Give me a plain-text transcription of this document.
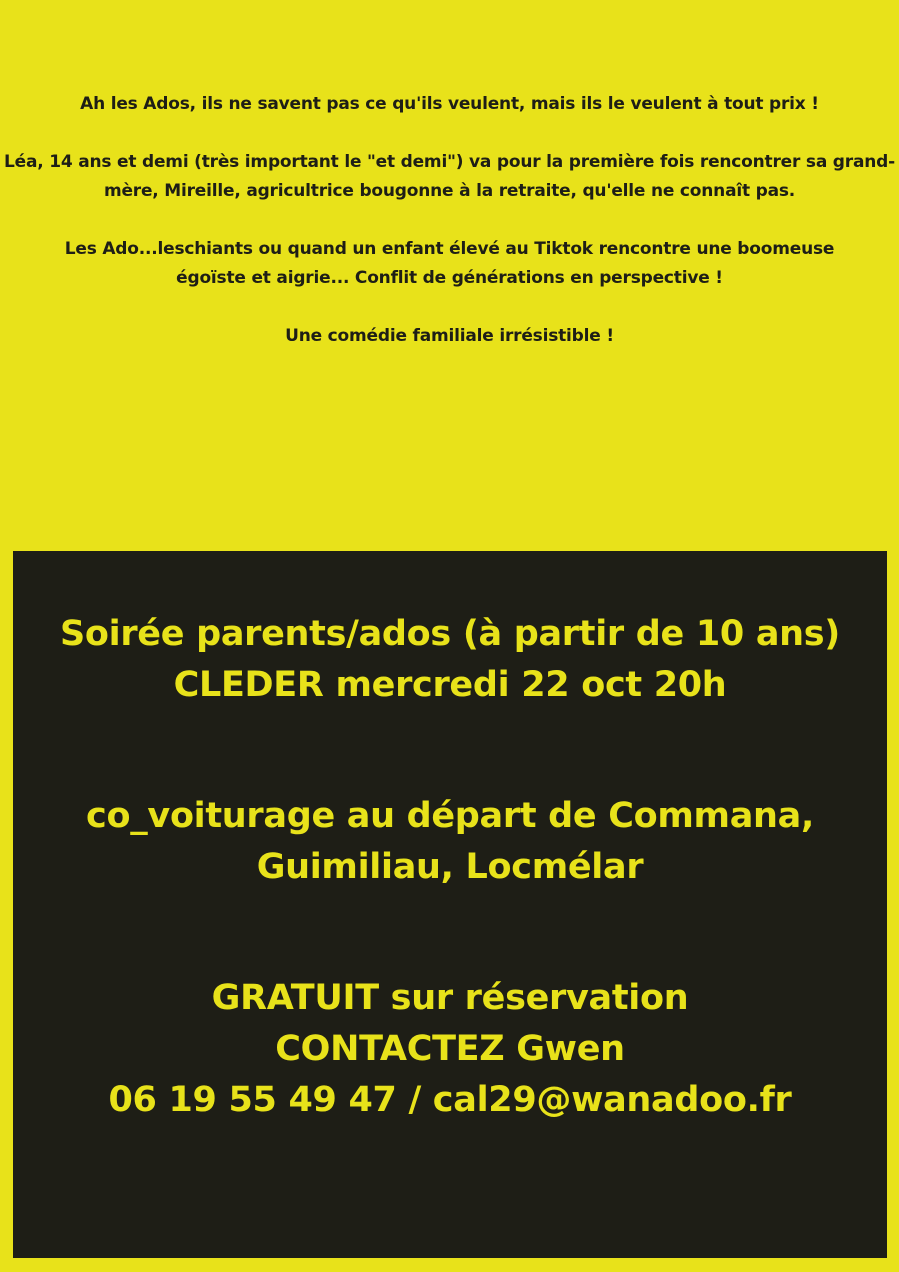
Ah les Ados, ils ne savent pas ce qu'ils veulent, mais ils le veulent à tout prix !

Léa, 14 ans et demi (très important le "et demi") va pour la première fois rencontrer sa grand-mère, Mireille, agricultrice bougonne à la retraite, qu'elle ne connaît pas.

Les Ado...leschiants ou quand un enfant élevé au Tiktok rencontre une boomeuse égoïste et aigrie... Conflit de générations en perspective !

Une comédie familiale irrésistible !

Soirée parents/ados (à partir de 10 ans)
CLEDER mercredi 22 oct 20h
co_voiturage au départ de Commana,
Guimiliau, Locmélar
GRATUIT sur réservation
CONTACTEZ Gwen
06 19 55 49 47 / cal29@wanadoo.fr
